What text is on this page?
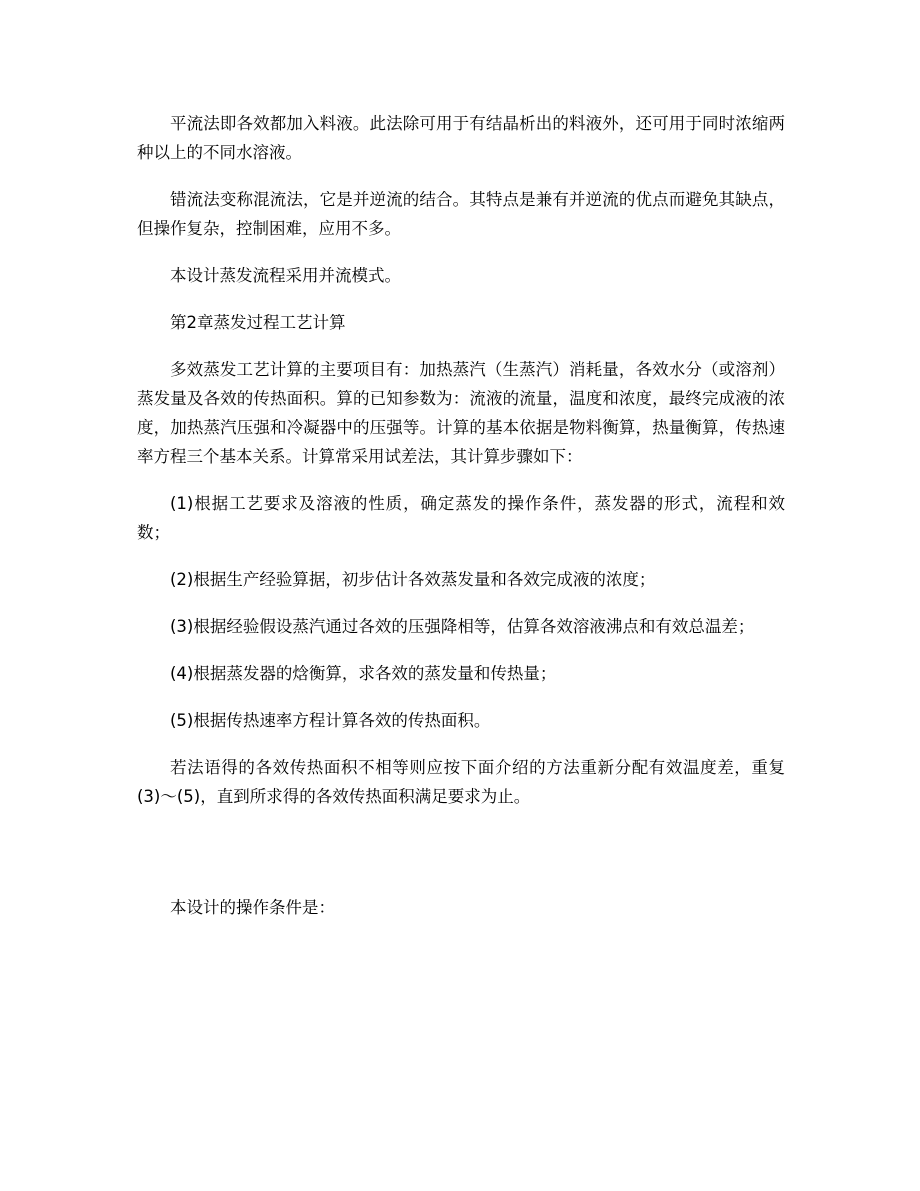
平流法即各效都加入料液。此法除可用于有结晶析出的料液外，还可用于同时浓缩两种以上的不同水溶液。

错流法变称混流法，它是并逆流的结合。其特点是兼有并逆流的优点而避免其缺点，但操作复杂，控制困难，应用不多。

本设计蒸发流程采用并流模式。

第2章蒸发过程工艺计算

多效蒸发工艺计算的主要项目有：加热蒸汽（生蒸汽）消耗量，各效水分（或溶剂）蒸发量及各效的传热面积。算的已知参数为：流液的流量，温度和浓度，最终完成液的浓度，加热蒸汽压强和冷凝器中的压强等。计算的基本依据是物料衡算，热量衡算，传热速率方程三个基本关系。计算常采用试差法，其计算步骤如下：

(1)根据工艺要求及溶液的性质，确定蒸发的操作条件，蒸发器的形式，流程和效数；

(2)根据生产经验算据，初步估计各效蒸发量和各效完成液的浓度；

(3)根据经验假设蒸汽通过各效的压强降相等，估算各效溶液沸点和有效总温差；

(4)根据蒸发器的焓衡算，求各效的蒸发量和传热量；

(5)根据传热速率方程计算各效的传热面积。

若法语得的各效传热面积不相等则应按下面介绍的方法重新分配有效温度差，重复(3)～(5)，直到所求得的各效传热面积满足要求为止。

本设计的操作条件是：
